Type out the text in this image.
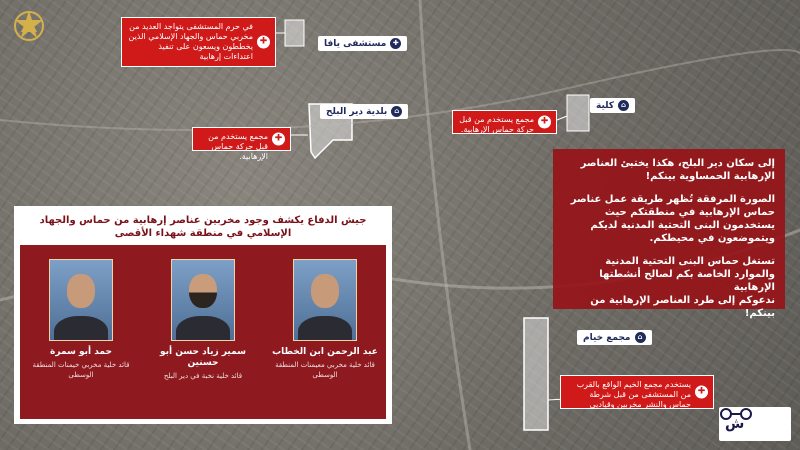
✚
في حرم المستشفى يتواجد العديد من مخربي حماس والجهاد الإسلامي الذين يخططون ويسعون على تنفيذ اعتداءات إرهابية
✚
مستشفى يافا
⌂
بلدية دير البلح
✚
مجمع يستخدم من قبل حركة حماس الإرهابية.
⌂
كلية
✚
مجمع يستخدم من قبل حركة حماس الإرهابية.
⌂
مجمع خيام
✚
يستخدم مجمع الخيم الواقع بالقرب من المستشفى من قبل شرطة حماس والنشر مخربين وقياديي

إلى سكان دير البلح، هكذا يختبئ العناصر الإرهابية الحمساوية بينكم!

الصورة المرفقة تُظهر طريقة عمل عناصر حماس الإرهابية في منطقتكم حيث يستخدمون البنى التحتية المدنية لديكم ويتموضعون في محيطكم.

تستغل حماس البنى التحتية المدنية والموارد الخاصة بكم لصالح أنشطتها الإرهابية

ندعوكم إلى طرد العناصر الإرهابية من بينكم!

جيش الدفاع يكشف وجود مخربين عناصر إرهابية من حماس والجهاد الإسلامي في منطقة شهداء الأقصى
عبد الرحمن ابن الخطاب
قائد خلية مخربي معيمنات المنطقة الوسطى
سمير زياد حسن أبو حسنين
قائد خلية نخبة في دير البلح
حمد أبو سمرة
قائد خلية مخربي خيمنات المنطقة الوسطى
ش
